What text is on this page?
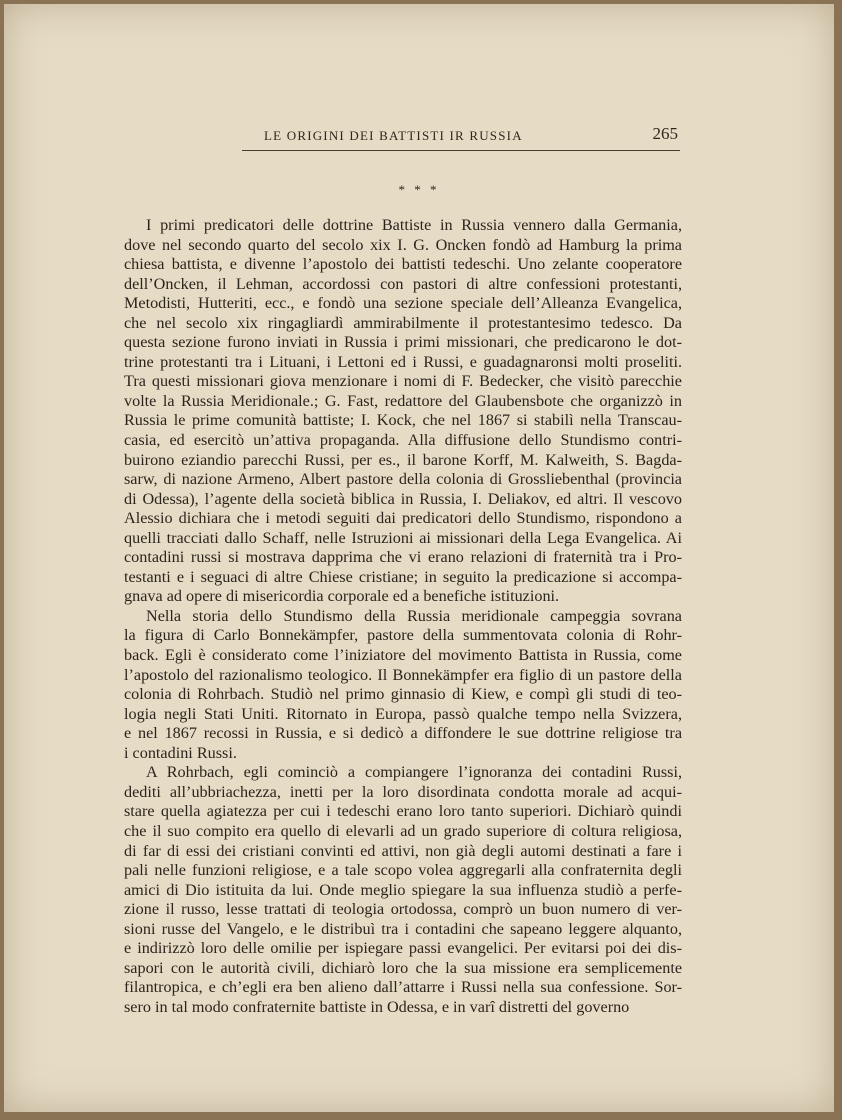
LE ORIGINI DEI BATTISTI IR RUSSIA	265
* * *
I primi predicatori delle dottrine Battiste in Russia vennero dalla Germania,
dove nel secondo quarto del secolo xix I. G. Oncken fondò ad Hamburg la prima
chiesa battista, e divenne l’apostolo dei battisti tedeschi. Uno zelante cooperatore
dell’Oncken, il Lehman, accordossi con pastori di altre confessioni protestanti,
Metodisti, Hutteriti, ecc., e fondò una sezione speciale dell’Alleanza Evangelica,
che nel secolo xix ringagliardì ammirabilmente il protestantesimo tedesco. Da
questa sezione furono inviati in Russia i primi missionari, che predicarono le dot-
trine protestanti tra i Lituani, i Lettoni ed i Russi, e guadagnaronsi molti proseliti.
Tra questi missionari giova menzionare i nomi di F. Bedecker, che visitò parecchie
volte la Russia Meridionale.; G. Fast, redattore del Glaubensbote che organizzò in
Russia le prime comunità battiste; I. Kock, che nel 1867 si stabilì nella Transcau-
casia, ed esercitò un’attiva propaganda. Alla diffusione dello Stundismo contri-
buirono eziandio parecchi Russi, per es., il barone Korff, M. Kalweith, S. Bagda-
sarw, di nazione Armeno, Albert pastore della colonia di Grossliebenthal (provincia
di Odessa), l’agente della società biblica in Russia, I. Deliakov, ed altri. Il vescovo
Alessio dichiara che i metodi seguiti dai predicatori dello Stundismo, rispondono a
quelli tracciati dallo Schaff, nelle Istruzioni ai missionari della Lega Evangelica. Ai
contadini russi si mostrava dapprima che vi erano relazioni di fraternità tra i Pro-
testanti e i seguaci di altre Chiese cristiane; in seguito la predicazione si accompa-
gnava ad opere di misericordia corporale ed a benefiche istituzioni.
Nella storia dello Stundismo della Russia meridionale campeggia sovrana
la figura di Carlo Bonnekämpfer, pastore della summentovata colonia di Rohr-
back. Egli è considerato come l’iniziatore del movimento Battista in Russia, come
l’apostolo del razionalismo teologico. Il Bonnekämpfer era figlio di un pastore della
colonia di Rohrbach. Studiò nel primo ginnasio di Kiew, e compì gli studi di teo-
logia negli Stati Uniti. Ritornato in Europa, passò qualche tempo nella Svizzera,
e nel 1867 recossi in Russia, e si dedicò a diffondere le sue dottrine religiose tra
i contadini Russi.
A Rohrbach, egli cominciò a compiangere l’ignoranza dei contadini Russi,
dediti all’ubbriachezza, inetti per la loro disordinata condotta morale ad acqui-
stare quella agiatezza per cui i tedeschi erano loro tanto superiori. Dichiarò quindi
che il suo compito era quello di elevarli ad un grado superiore di coltura religiosa,
di far di essi dei cristiani convinti ed attivi, non già degli automi destinati a fare i
pali nelle funzioni religiose, e a tale scopo volea aggregarli alla confraternita degli
amici di Dio istituita da lui. Onde meglio spiegare la sua influenza studiò a perfe-
zione il russo, lesse trattati di teologia ortodossa, comprò un buon numero di ver-
sioni russe del Vangelo, e le distribuì tra i contadini che sapeano leggere alquanto,
e indirizzò loro delle omilie per ispiegare passi evangelici. Per evitarsi poi dei dis-
sapori con le autorità civili, dichiarò loro che la sua missione era semplicemente
filantropica, e ch’egli era ben alieno dall’attarre i Russi nella sua confessione. Sor-
sero in tal modo confraternite battiste in Odessa, e in varî distretti del governo
